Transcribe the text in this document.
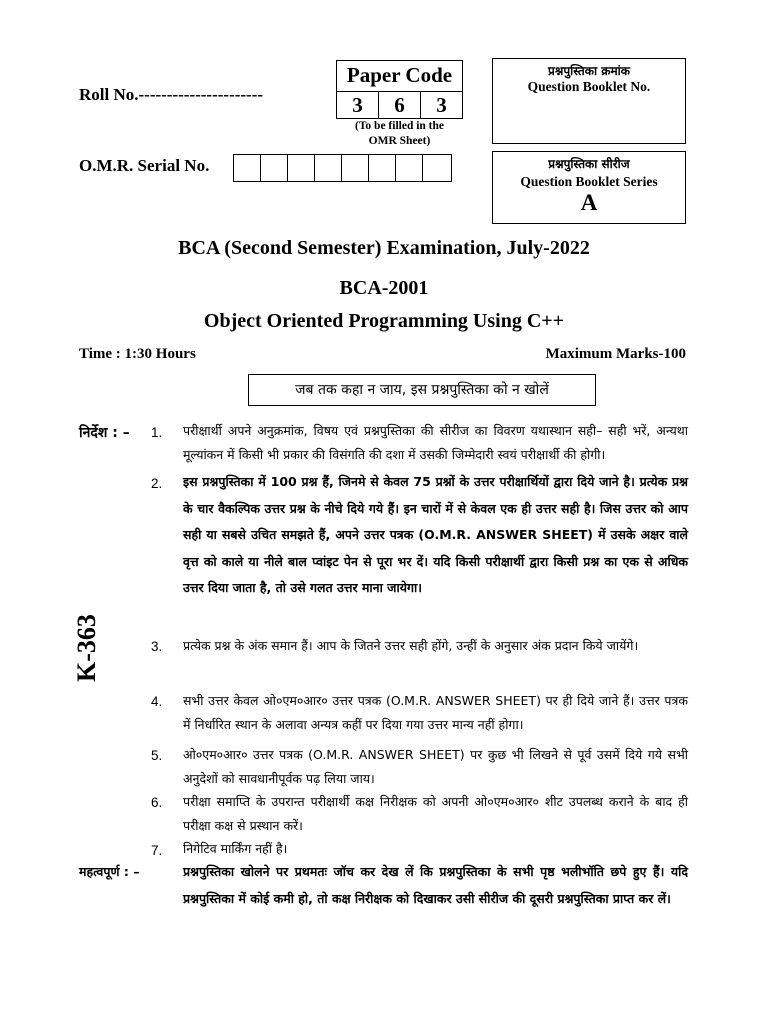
Roll No.----------------------
Paper Code
3	6	3
(To be filled in the
OMR Sheet)
प्रश्नपुस्तिका क्रमांक
Question Booklet No.
O.M.R. Serial No.	प्रश्नपुस्तिका सीरीज
Question Booklet Series
A
BCA (Second Semester) Examination, July-2022
BCA-2001
Object Oriented Programming Using C++
Time : 1:30 Hours	Maximum Marks-100
जब तक कहा न जाय, इस प्रश्नपुस्तिका को न खोलें
K-363
निर्देश : – 1. परीक्षार्थी अपने अनुक्रमांक, विषय एवं प्रश्नपुस्तिका की सीरीज का विवरण यथास्थान सही– सही भरें, अन्यथा मूल्यांकन में किसी भी प्रकार की विसंगति की दशा में उसकी जिम्मेदारी स्वयं परीक्षार्थी की होगी।
2. इस प्रश्नपुस्तिका में 100 प्रश्न हैं, जिनमे से केवल 75 प्रश्नों के उत्तर परीक्षार्थियों द्वारा दिये जाने है। प्रत्येक प्रश्न के चार वैकल्पिक उत्तर प्रश्न के नीचे दिये गये हैं। इन चारों में से केवल एक ही उत्तर सही है। जिस उत्तर को आप सही या सबसे उचित समझते हैं, अपने उत्तर पत्रक (O.M.R. ANSWER SHEET) में उसके अक्षर वाले वृत्त को काले या नीले बाल प्वांइट पेन से पूरा भर दें। यदि किसी परीक्षार्थी द्वारा किसी प्रश्न का एक से अधिक उत्तर दिया जाता है, तो उसे गलत उत्तर माना जायेगा।
3. प्रत्येक प्रश्न के अंक समान हैं। आप के जितने उत्तर सही होंगे, उन्हीं के अनुसार अंक प्रदान किये जायेंगे।
4. सभी उत्तर केवल ओ०एम०आर० उत्तर पत्रक (O.M.R. ANSWER SHEET) पर ही दिये जाने हैं। उत्तर पत्रक में निर्धारित स्थान के अलावा अन्यत्र कहीं पर दिया गया उत्तर मान्य नहीं होगा।
5. ओ०एम०आर० उत्तर पत्रक (O.M.R. ANSWER SHEET) पर कुछ भी लिखने से पूर्व उसमें दिये गये सभी अनुदेशों को सावधानीपूर्वक पढ़ लिया जाय।
6. परीक्षा समाप्ति के उपरान्त परीक्षार्थी कक्ष निरीक्षक को अपनी ओ०एम०आर० शीट उपलब्ध कराने के बाद ही परीक्षा कक्ष से प्रस्थान करें।
7. निगेटिव मार्किंग नहीं है।
महत्वपूर्ण : –	प्रश्नपुस्तिका खोलने पर प्रथमतः जॉच कर देख लें कि प्रश्नपुस्तिका के सभी पृष्ठ भलीभॉति छपे हुए हैं। यदि प्रश्नपुस्तिका में कोई कमी हो, तो कक्ष निरीक्षक को दिखाकर उसी सीरीज की दूसरी प्रश्नपुस्तिका प्राप्त कर लें।
